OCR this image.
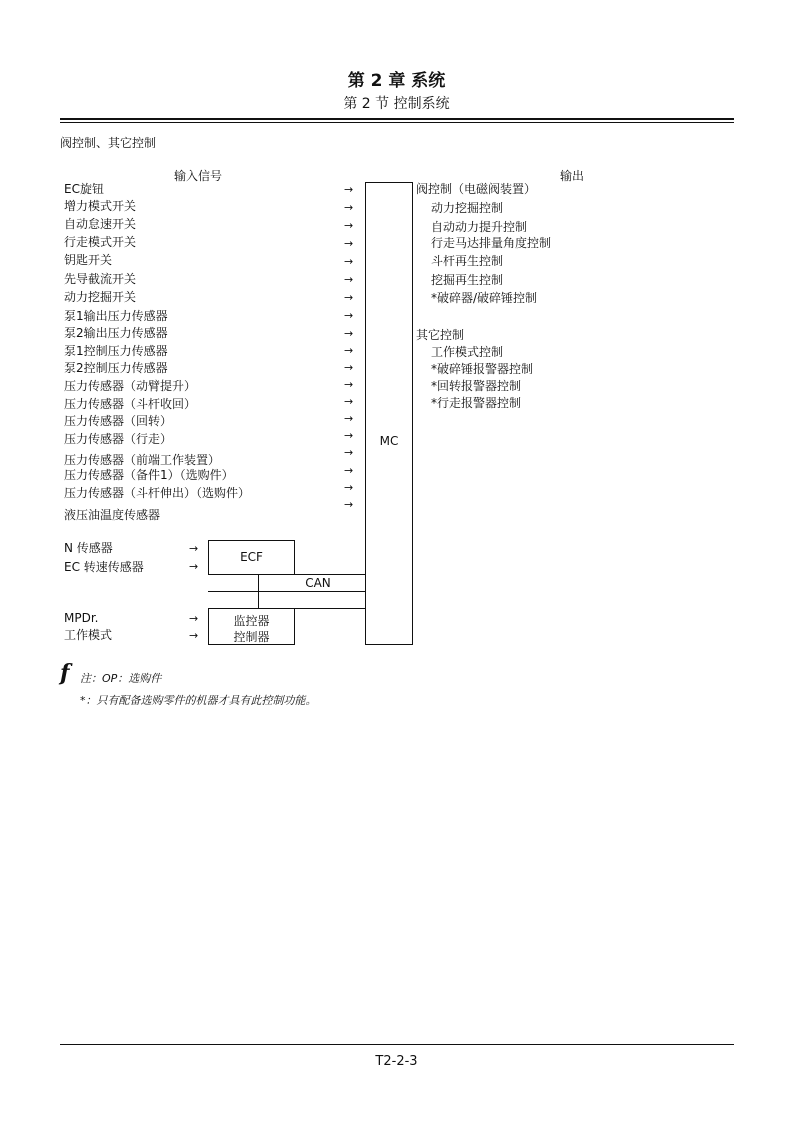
第 2 章 系统
第 2 节 控制系统
阀控制、其它控制
输入信号	输出
EC旋钮
增力模式开关
自动怠速开关
行走模式开关
钥匙开关
先导截流开关
动力挖掘开关
泵1输出压力传感器
泵2输出压力传感器
泵1控制压力传感器
泵2控制压力传感器
压力传感器（动臂提升）
压力传感器（斗杆收回）
压力传感器（回转）
压力传感器（行走）
压力传感器（前端工作装置）
压力传感器（备件1）（选购件）
压力传感器（斗杆伸出）（选购件）
液压油温度传感器
→
→
→
→
→
→
→
→
→
→
→
→
→
→
→
→
→
→
→
MC
N 传感器
EC 转速传感器
→
→
ECF
CAN
MPDr.
工作模式
→
→
监控器
控制器
阀控制（电磁阀装置）
动力挖掘控制
自动动力提升控制
行走马达排量角度控制
斗杆再生控制
挖掘再生控制
*破碎器/破碎锤控制
其它控制
工作模式控制
*破碎锤报警器控制
*回转报警器控制
*行走报警器控制
f 注：OP：选购件
*：只有配备选购零件的机器才具有此控制功能。
T2-2-3
